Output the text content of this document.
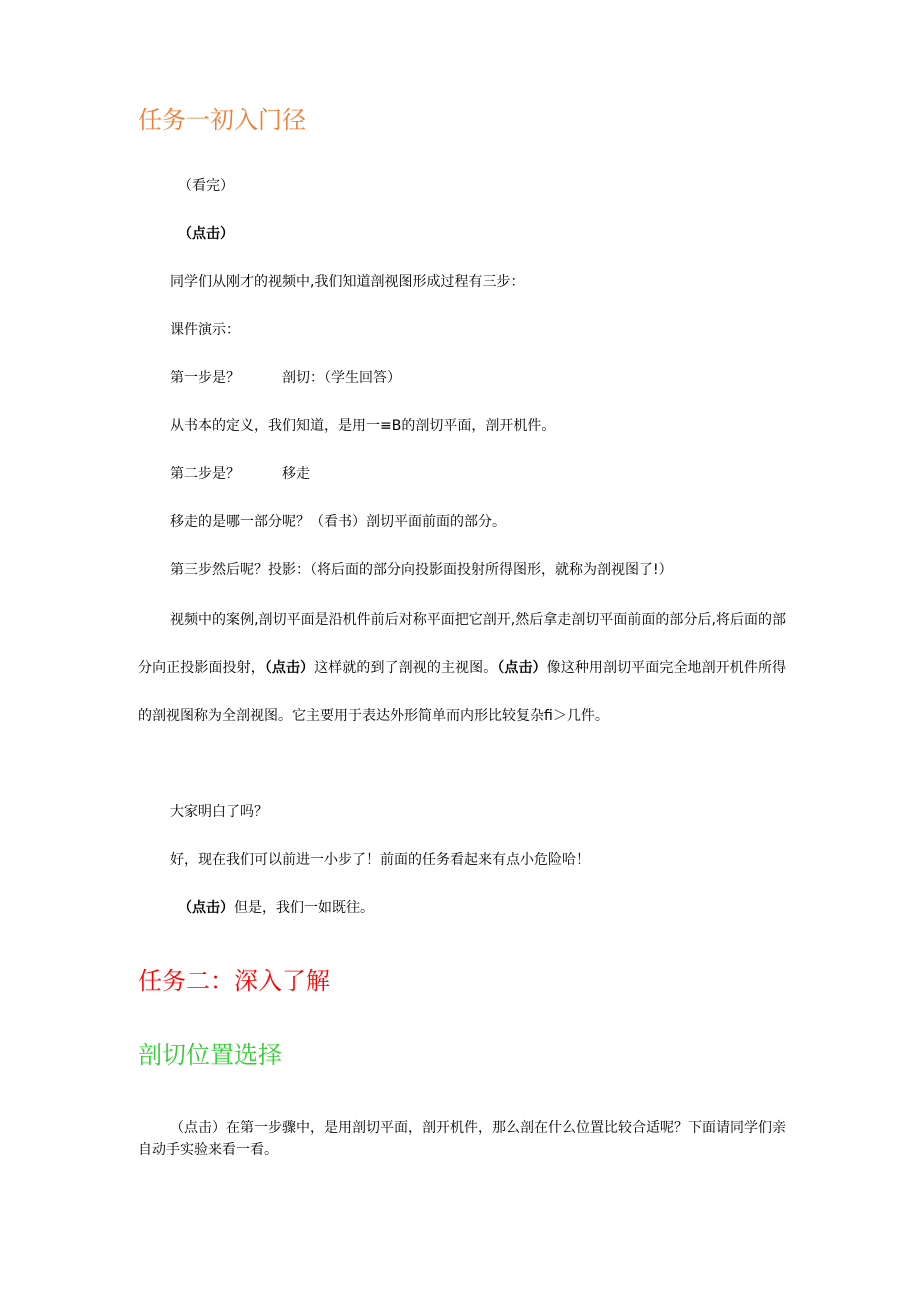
任务一初入门径

（看完）

（点击）

同学们从刚才的视频中,我们知道剖视图形成过程有三步：

课件演示：

第一步是？	剖切：（学生回答）

从书本的定义，我们知道，是用一≡B的剖切平面，剖开机件。

第二步是？	移走

移走的是哪一部分呢？（看书）剖切平面前面的部分。

第三步然后呢？投影：（将后面的部分向投影面投射所得图形，就称为剖视图了!）

视频中的案例,剖切平面是沿机件前后对称平面把它剖开,然后拿走剖切平面前面的部分后,将后面的部分向正投影面投射，（点击）这样就的到了剖视的主视图。（点击）像这种用剖切平面完全地剖开机件所得的剖视图称为全剖视图。它主要用于表达外形简单而内形比较复杂fi＞几件。

大家明白了吗？

好，现在我们可以前进一小步了！前面的任务看起来有点小危险哈！

（点击）但是，我们一如既往。

任务二：深入了解
剖切位置选择

（点击）在第一步骤中，是用剖切平面，剖开机件，那么剖在什么位置比较合适呢？下面请同学们亲自动手实验来看一看。
